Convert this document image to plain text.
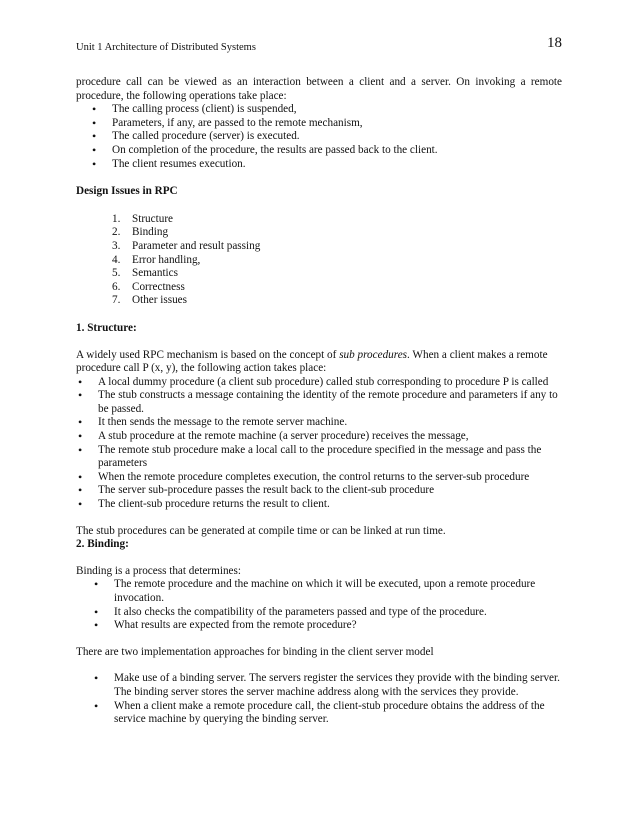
Unit 1 Architecture of Distributed Systems	18

procedure call can be viewed as an interaction between a client and a server. On invoking a remote procedure, the following operations take place:

• The calling process (client) is suspended,
• Parameters, if any, are passed to the remote mechanism,
• The called procedure (server) is executed.
• On completion of the procedure, the results are passed back to the client.
• The client resumes execution.

Design Issues in RPC

1. Structure
2. Binding
3. Parameter and result passing
4. Error handling,
5. Semantics
6. Correctness
7. Other issues

1. Structure:

A widely used RPC mechanism is based on the concept of sub procedures. When a client makes a remote procedure call P (x, y), the following action takes place:

• A local dummy procedure (a client sub procedure) called stub corresponding to procedure P is called
• The stub constructs a message containing the identity of the remote procedure and parameters if any to be passed.
• It then sends the message to the remote server machine.
• A stub procedure at the remote machine (a server procedure) receives the message,
• The remote stub procedure make a local call to the procedure specified in the message and pass the parameters
• When the remote procedure completes execution, the control returns to the server-sub procedure
• The server sub-procedure passes the result back to the client-sub procedure
• The client-sub procedure returns the result to client.

The stub procedures can be generated at compile time or can be linked at run time.

2. Binding:

Binding is a process that determines:

• The remote procedure and the machine on which it will be executed, upon a remote procedure invocation.
• It also checks the compatibility of the parameters passed and type of the procedure.
• What results are expected from the remote procedure?

There are two implementation approaches for binding in the client server model

• Make use of a binding server. The servers register the services they provide with the binding server. The binding server stores the server machine address along with the services they provide.
• When a client make a remote procedure call, the client-stub procedure obtains the address of the service machine by querying the binding server.
